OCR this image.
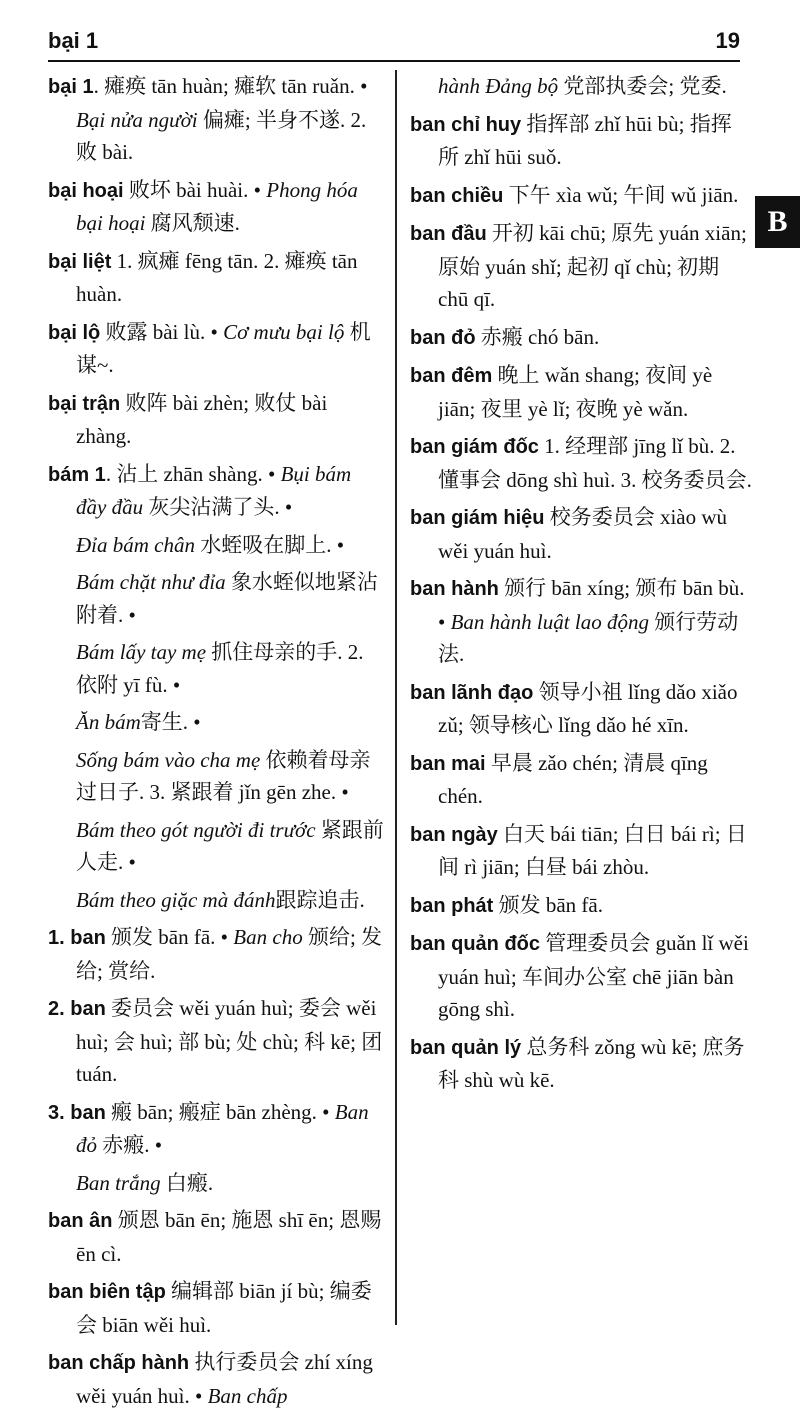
bại 1	19
bại 1. 瘫痪 tān huàn; 瘫软 tān ruǎn. • Bại nửa người 偏瘫; 半身不遂. 2. 败 bài.
bại hoại 败坏 bài huài. • Phong hóa bại hoại 腐风颓速.
bại liệt 1. 疯瘫 fēng tān. 2. 瘫痪 tān huàn.
bại lộ 败露 bài lù. • Cơ mưu bại lộ 机谋~.
bại trận 败阵 bài zhèn; 败仗 bài zhàng.
bám 1. 沾上 zhān shàng. • Bụi bám đầy đầu 灰尖沾满了头. •
Đỉa bám chân 水蛭吸在脚上. •
Bám chặt như đỉa 象水蛭似地紧沾附着. •
Bám lấy tay mẹ 抓住母亲的手. 2. 依附 yī fù. •
Ăn bám寄生. •
Sống bám vào cha mẹ 依赖着母亲过日子. 3. 紧跟着 jǐn gēn zhe. •
Bám theo gót người đi trước 紧跟前人走. •
Bám theo giặc mà đánh跟踪追击.
1. ban 颁发 bān fā. • Ban cho 颁给; 发给; 赏给.
2. ban 委员会 wěi yuán huì; 委会 wěi huì; 会 huì; 部 bù; 处 chù; 科 kē; 团 tuán.
3. ban 瘢 bān; 瘢症 bān zhèng. • Ban đỏ 赤瘢. •
Ban trắng 白瘢.
ban ân 颁恩 bān ēn; 施恩 shī ēn; 恩赐 ēn cì.
ban biên tập 编辑部 biān jí bù; 编委会 biān wěi huì.
ban chấp hành 执行委员会 zhí xíng wěi yuán huì. • Ban chấp
hành Đảng bộ 党部执委会; 党委.
ban chỉ huy 指挥部 zhǐ hūi bù; 指挥所 zhǐ hūi suǒ.
ban chiều 下午 xìa wǔ; 午间 wǔ jiān.
ban đầu 开初 kāi chū; 原先 yuán xiān; 原始 yuán shǐ; 起初 qǐ chù; 初期 chū qī.
ban đỏ 赤瘢 chó bān.
ban đêm 晚上 wǎn shang; 夜间 yè jiān; 夜里 yè lǐ; 夜晚 yè wǎn.
ban giám đốc 1. 经理部 jīng lǐ bù. 2. 懂事会 dōng shì huì. 3. 校务委员会.
ban giám hiệu 校务委员会 xiào wù wěi yuán huì.
ban hành 颁行 bān xíng; 颁布 bān bù. • Ban hành luật lao động 颁行劳动法.
ban lãnh đạo 领导小祖 lǐng dǎo xiǎo zǔ; 领导核心 lǐng dǎo hé xīn.
ban mai 早晨 zǎo chén; 清晨 qīng chén.
ban ngày 白天 bái tiān; 白日 bái rì; 日间 rì jiān; 白昼 bái zhòu.
ban phát 颁发 bān fā.
ban quản đốc 管理委员会 guǎn lǐ wěi yuán huì; 车间办公室 chē jiān bàn gōng shì.
ban quản lý 总务科 zǒng wù kē; 庶务科 shù wù kē.
B
